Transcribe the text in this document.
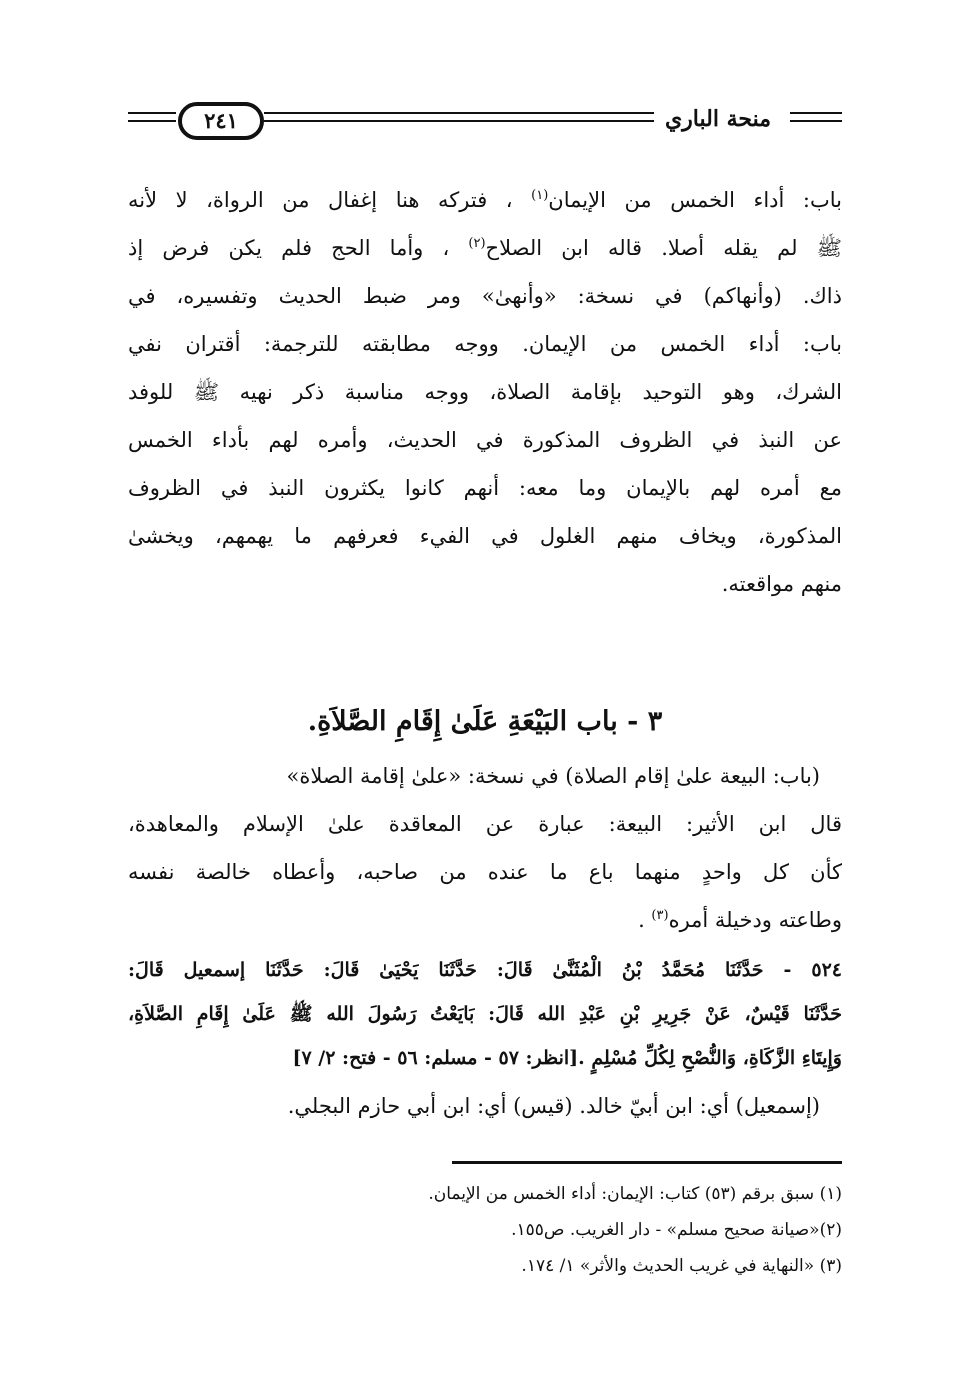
٢٤١	منحة الباري
باب: أداء الخمس من الإيمان$^{(١)}$ ، فتركه هنا إغفال من الرواة، لا لأنه
ﷺ لم يقله أصلا. قاله ابن الصلاح$^{(٢)}$ ، وأما الحج فلم يكن فرض إذ
ذاك. (وأنهاكم) في نسخة: «وأنهىٰ» ومر ضبط الحديث وتفسيره، في
باب: أداء الخمس من الإيمان. ووجه مطابقته للترجمة: أقتران نفي
الشرك، وهو التوحيد بإقامة الصلاة، ووجه مناسبة ذكر نهيه ﷺ للوفد
عن النبذ في الظروف المذكورة في الحديث، وأمره لهم بأداء الخمس
مع أمره لهم بالإيمان وما معه: أنهم كانوا يكثرون النبذ في الظروف
المذكورة، ويخاف منهم الغلول في الفيء فعرفهم ما يهمهم، ويخشىٰ
منهم مواقعته.
٣ - باب البَيْعَةِ عَلَىٰ إِقَامِ الصَّلاَةِ.
(باب: البيعة علىٰ إقام الصلاة) في نسخة: «علىٰ إقامة الصلاة»
قال ابن الأثير: البيعة: عبارة عن المعاقدة علىٰ الإسلام والمعاهدة،
كأن كل واحدٍ منهما باع ما عنده من صاحبه، وأعطاه خالصة نفسه
وطاعته ودخيلة أمره$^{(٣)}$ .
٥٢٤ - حَدَّثَنَا مُحَمَّدُ بْنُ الْمُثَنَّىٰ قَالَ: حَدَّثَنَا يَحْيَىٰ قَالَ: حَدَّثَنَا إسمعيل قَالَ:
حَدَّثَنَا قَيْسٌ، عَنْ جَرِيرِ بْنِ عَبْدِ الله قَالَ: بَايَعْتُ رَسُولَ الله ﷺ عَلَىٰ إِقَامِ الصَّلاَةِ،
وَإِيتَاءِ الزَّكَاةِ، وَالنُّصْحِ لِكُلِّ مُسْلِمٍ .[انظر: ٥٧ - مسلم: ٥٦ - فتح: ٢/ ٧]
(إسمعيل) أي: ابن أبيّ خالد. (قيس) أي: ابن أبي حازم البجلي.
(١) سبق برقم (٥٣) كتاب: الإيمان: أداء الخمس من الإيمان.
(٢)«صيانة صحيح مسلم» - دار الغريب. ص١٥٥.
(٣) «النهاية في غريب الحديث والأثر» ١/ ١٧٤.
